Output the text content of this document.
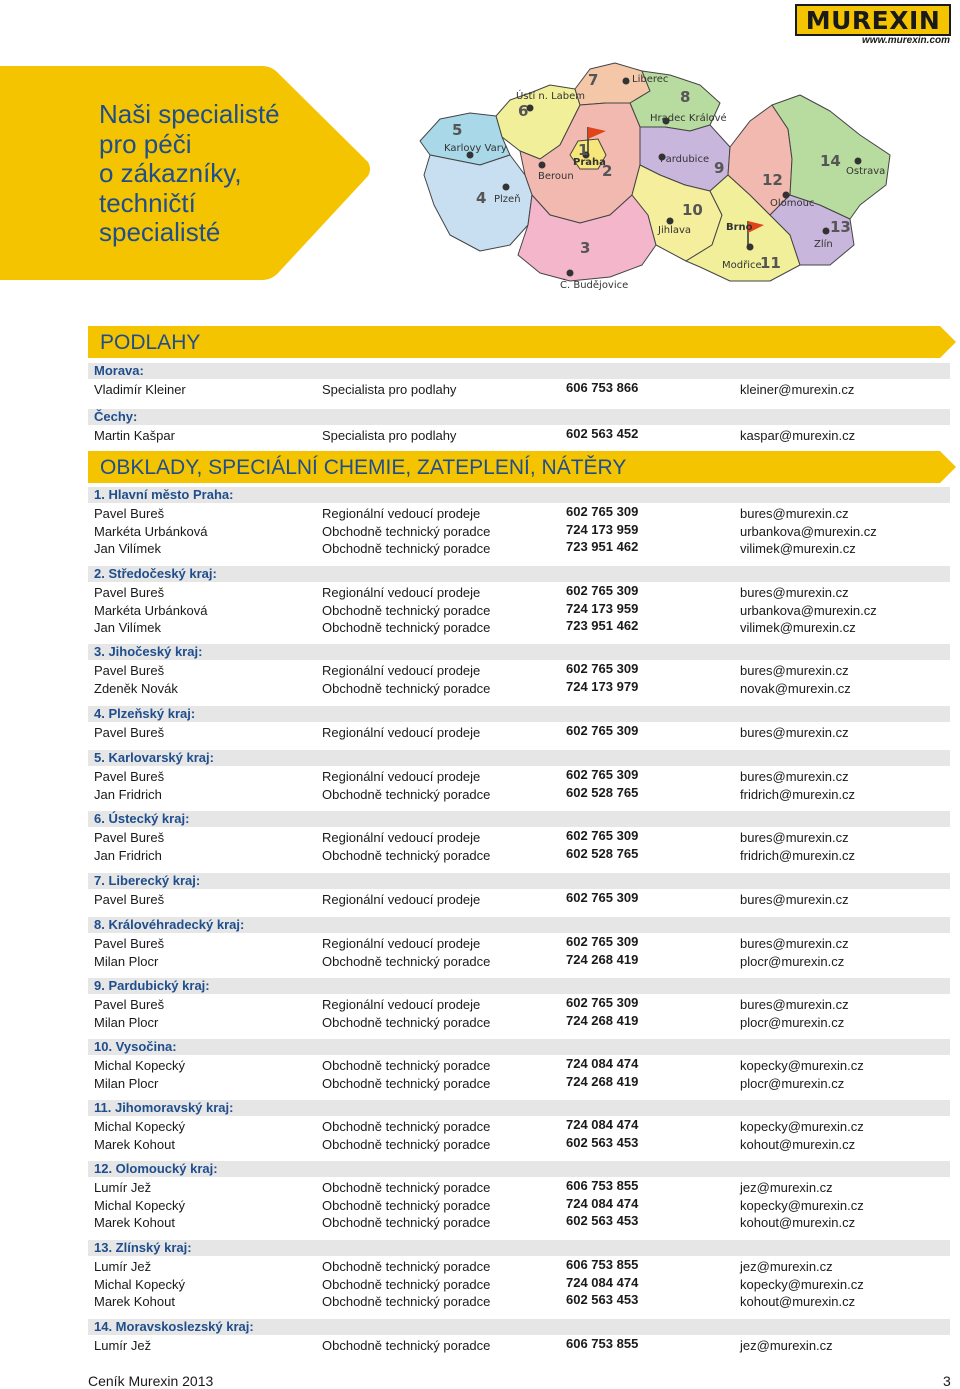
MUREXIN
www.murexin.com
Naši specialisté
pro péči
o zákazníky,
techničtí
specialisté
Ústí n. Labem
Liberec
Hradec Králové
Karlovy Vary
Praha	Pardubice
Beroun
Plzeň
Jihlava	Brno
Olomouc
Ostrava
Zlín
Modřice
Č. Budějovice
1
2
3
4
5
6
7
8
9
10
11
12
13
14
PODLAHY
Morava:
Vladimír Kleiner	Specialista pro podlahy	606 753 866	kleiner@murexin.cz
Čechy:
Martin Kašpar	Specialista pro podlahy	602 563 452	kaspar@murexin.cz
OBKLADY, SPECIÁLNÍ CHEMIE, ZATEPLENÍ, NÁTĚRY
1. Hlavní město Praha:
Pavel Bureš	Regionální vedoucí prodeje	602 765 309	bures@murexin.cz
Markéta Urbánková	Obchodně technický poradce	724 173 959	urbankova@murexin.cz
Jan Vilímek	Obchodně technický poradce	723 951 462	vilimek@murexin.cz
2. Středočeský kraj:
Pavel Bureš	Regionální vedoucí prodeje	602 765 309	bures@murexin.cz
Markéta Urbánková	Obchodně technický poradce	724 173 959	urbankova@murexin.cz
Jan Vilímek	Obchodně technický poradce	723 951 462	vilimek@murexin.cz
3. Jihočeský kraj:
Pavel Bureš	Regionální vedoucí prodeje	602 765 309	bures@murexin.cz
Zdeněk Novák	Obchodně technický poradce	724 173 979	novak@murexin.cz
4. Plzeňský kraj:
Pavel Bureš	Regionální vedoucí prodeje	602 765 309	bures@murexin.cz
5. Karlovarský kraj:
Pavel Bureš	Regionální vedoucí prodeje	602 765 309	bures@murexin.cz
Jan Fridrich	Obchodně technický poradce	602 528 765	fridrich@murexin.cz
6. Ústecký kraj:
Pavel Bureš	Regionální vedoucí prodeje	602 765 309	bures@murexin.cz
Jan Fridrich	Obchodně technický poradce	602 528 765	fridrich@murexin.cz
7. Liberecký kraj:
Pavel Bureš	Regionální vedoucí prodeje	602 765 309	bures@murexin.cz
8. Královéhradecký kraj:
Pavel Bureš	Regionální vedoucí prodeje	602 765 309	bures@murexin.cz
Milan Plocr	Obchodně technický poradce	724 268 419	plocr@murexin.cz
9. Pardubický kraj:
Pavel Bureš	Regionální vedoucí prodeje	602 765 309	bures@murexin.cz
Milan Plocr	Obchodně technický poradce	724 268 419	plocr@murexin.cz
10. Vysočina:
Michal Kopecký	Obchodně technický poradce	724 084 474	kopecky@murexin.cz
Milan Plocr	Obchodně technický poradce	724 268 419	plocr@murexin.cz
11. Jihomoravský kraj:
Michal Kopecký	Obchodně technický poradce	724 084 474	kopecky@murexin.cz
Marek Kohout	Obchodně technický poradce	602 563 453	kohout@murexin.cz
12. Olomoucký kraj:
Lumír Jež	Obchodně technický poradce	606 753 855	jez@murexin.cz
Michal Kopecký	Obchodně technický poradce	724 084 474	kopecky@murexin.cz
Marek Kohout	Obchodně technický poradce	602 563 453	kohout@murexin.cz
13. Zlínský kraj:
Lumír Jež	Obchodně technický poradce	606 753 855	jez@murexin.cz
Michal Kopecký	Obchodně technický poradce	724 084 474	kopecky@murexin.cz
Marek Kohout	Obchodně technický poradce	602 563 453	kohout@murexin.cz
14. Moravskoslezský kraj:
Lumír Jež	Obchodně technický poradce	606 753 855	jez@murexin.cz
Ceník Murexin 2013	3
